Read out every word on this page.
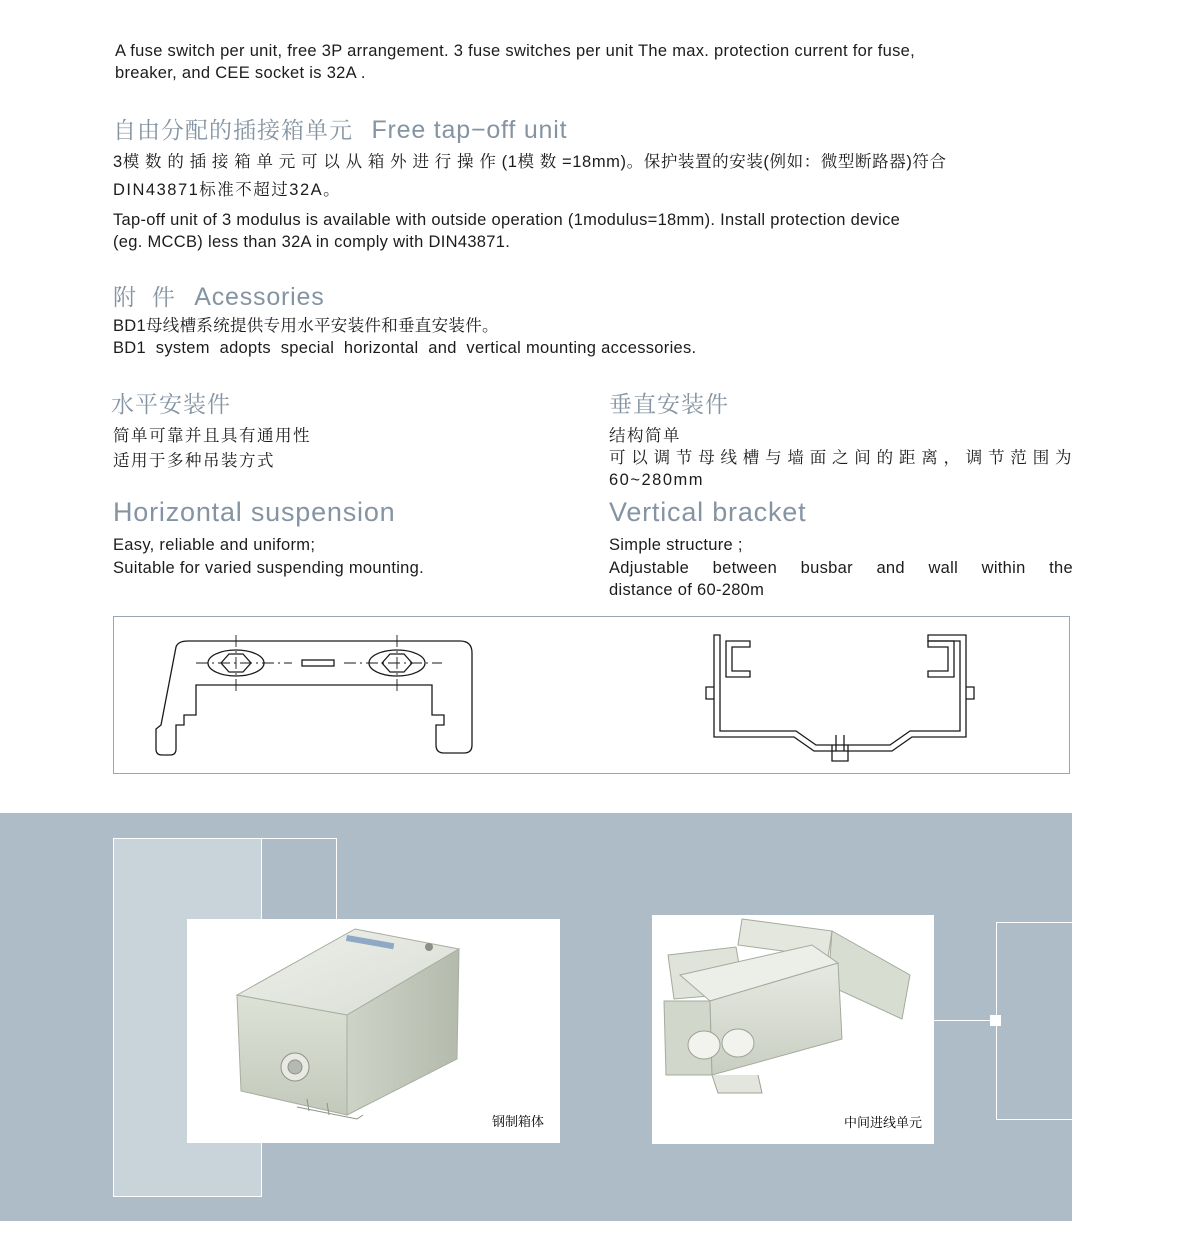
A fuse switch per unit, free 3P arrangement. 3 fuse switches per unit The max. protection current for fuse,
breaker, and CEE socket is 32A .
自由分配的插接箱单元 Free tap−off unit
3模 数 的 插 接 箱 单 元 可 以 从 箱 外 进 行 操 作 (1模 数 =18mm)。保护装置的安装(例如：微型断路器)符合
DIN43871标准不超过32A。
Tap-off unit of 3 modulus is available with outside operation (1modulus=18mm). Install protection device
(eg. MCCB) less than 32A in comply with DIN43871.
附  件 Acessories
BD1母线槽系统提供专用水平安装件和垂直安装件。
BD1  system  adopts  special  horizontal  and  vertical mounting accessories.
水平安装件
简单可靠并且具有通用性
适用于多种吊装方式
Horizontal suspension
Easy, reliable and uniform;
Suitable for varied suspending mounting.
垂直安装件
结构简单
可以调节母线槽与墙面之间的距离，调节范围为
60~280mm
Vertical bracket
Simple structure ;
Adjustable between busbar and wall within the
distance of 60-280m
钢制箱体	中间进线单元
